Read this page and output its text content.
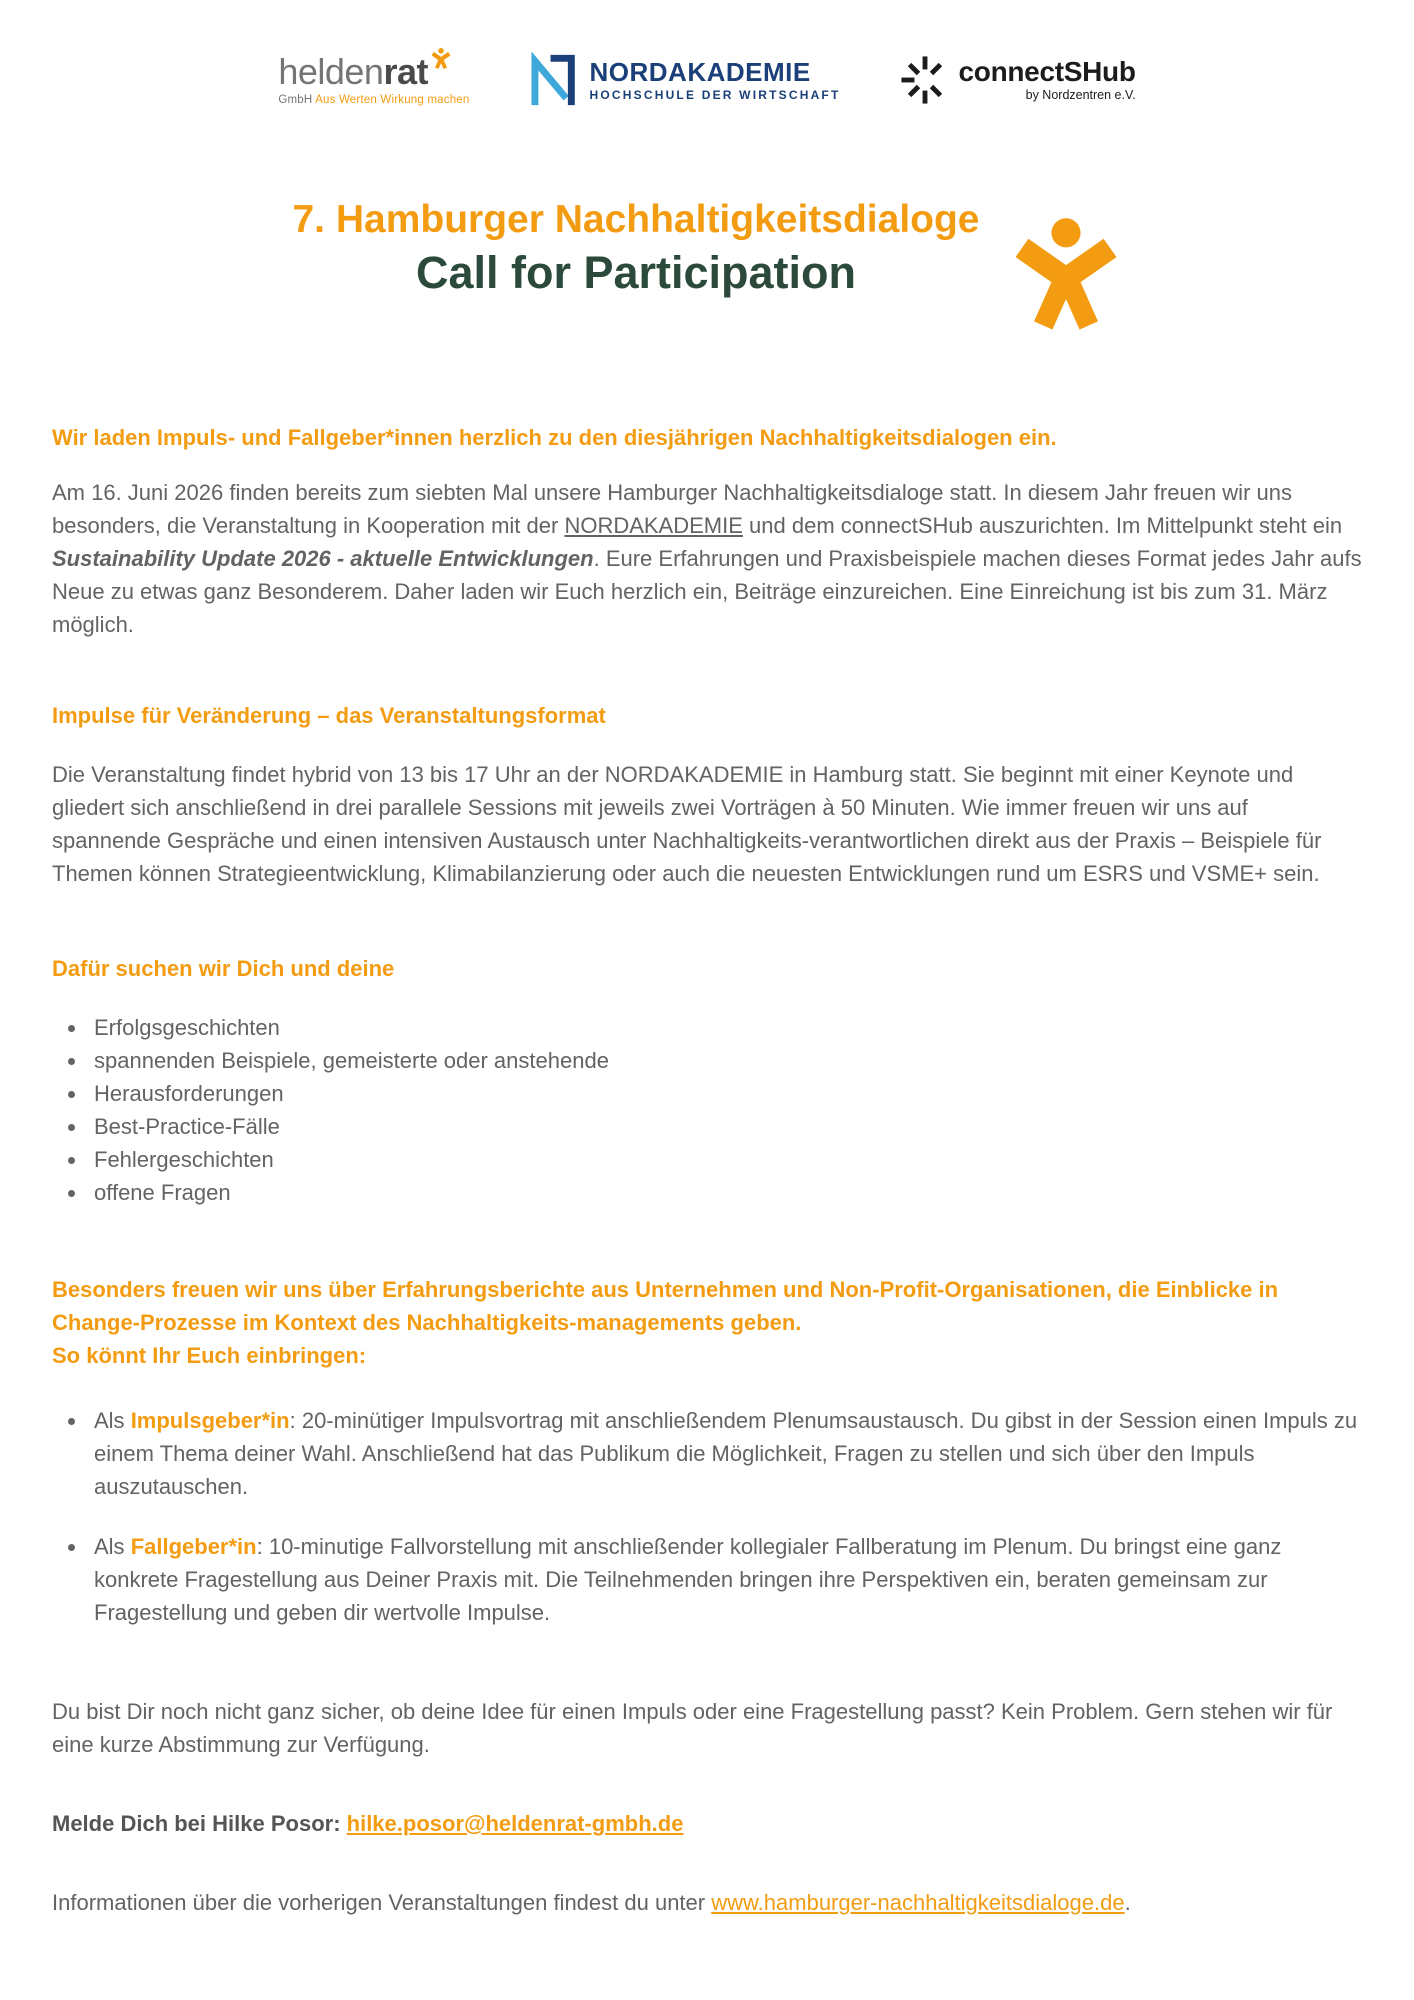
helden rat
GmbH Aus Werten Wirkung machen
NORDAKADEMIE
HOCHSCHULE DER WIRTSCHAFT
connectSHub
by Nordzentren e.V.
7. Hamburger Nachhaltigkeitsdialoge
Call for Participation

Wir laden Impuls- und Fallgeber*innen herzlich zu den diesjährigen Nachhaltigkeitsdialogen ein.

Am 16. Juni 2026 finden bereits zum siebten Mal unsere Hamburger Nachhaltigkeitsdialoge statt. In diesem Jahr freuen wir uns besonders, die Veranstaltung in Kooperation mit der NORDAKADEMIE und dem connectSHub auszurichten. Im Mittelpunkt steht ein Sustainability Update 2026 - aktuelle Entwicklungen. Eure Erfahrungen und Praxisbeispiele machen dieses Format jedes Jahr aufs Neue zu etwas ganz Besonderem. Daher laden wir Euch herzlich ein, Beiträge einzureichen. Eine Einreichung ist bis zum 31. März möglich.

Impulse für Veränderung – das Veranstaltungsformat

Die Veranstaltung findet hybrid von 13 bis 17 Uhr an der NORDAKADEMIE in Hamburg statt. Sie beginnt mit einer Keynote und gliedert sich anschließend in drei parallele Sessions mit jeweils zwei Vorträgen à 50 Minuten. Wie immer freuen wir uns auf spannende Gespräche und einen intensiven Austausch unter Nachhaltigkeits-verantwortlichen direkt aus der Praxis – Beispiele für Themen können Strategieentwicklung, Klimabilanzierung oder auch die neuesten Entwicklungen rund um ESRS und VSME+ sein.

Dafür suchen wir Dich und deine
• Erfolgsgeschichten
• spannenden Beispiele, gemeisterte oder anstehende
• Herausforderungen
• Best-Practice-Fälle
• Fehlergeschichten
• offene Fragen

Besonders freuen wir uns über Erfahrungsberichte aus Unternehmen und Non-Profit-Organisationen, die Einblicke in Change-Prozesse im Kontext des Nachhaltigkeits-managements geben.
So könnt Ihr Euch einbringen:

• Als Impulsgeber*in: 20-minütiger Impulsvortrag mit anschließendem Plenumsaustausch. Du gibst in der Session einen Impuls zu einem Thema deiner Wahl. Anschließend hat das Publikum die Möglichkeit, Fragen zu stellen und sich über den Impuls auszutauschen.
• Als Fallgeber*in: 10-minutige Fallvorstellung mit anschließender kollegialer Fallberatung im Plenum. Du bringst eine ganz konkrete Fragestellung aus Deiner Praxis mit. Die Teilnehmenden bringen ihre Perspektiven ein, beraten gemeinsam zur Fragestellung und geben dir wertvolle Impulse.

Du bist Dir noch nicht ganz sicher, ob deine Idee für einen Impuls oder eine Fragestellung passt? Kein Problem. Gern stehen wir für eine kurze Abstimmung zur Verfügung.

Melde Dich bei Hilke Posor: hilke.posor@heldenrat-gmbh.de

Informationen über die vorherigen Veranstaltungen findest du unter www.hamburger-nachhaltigkeitsdialoge.de.
